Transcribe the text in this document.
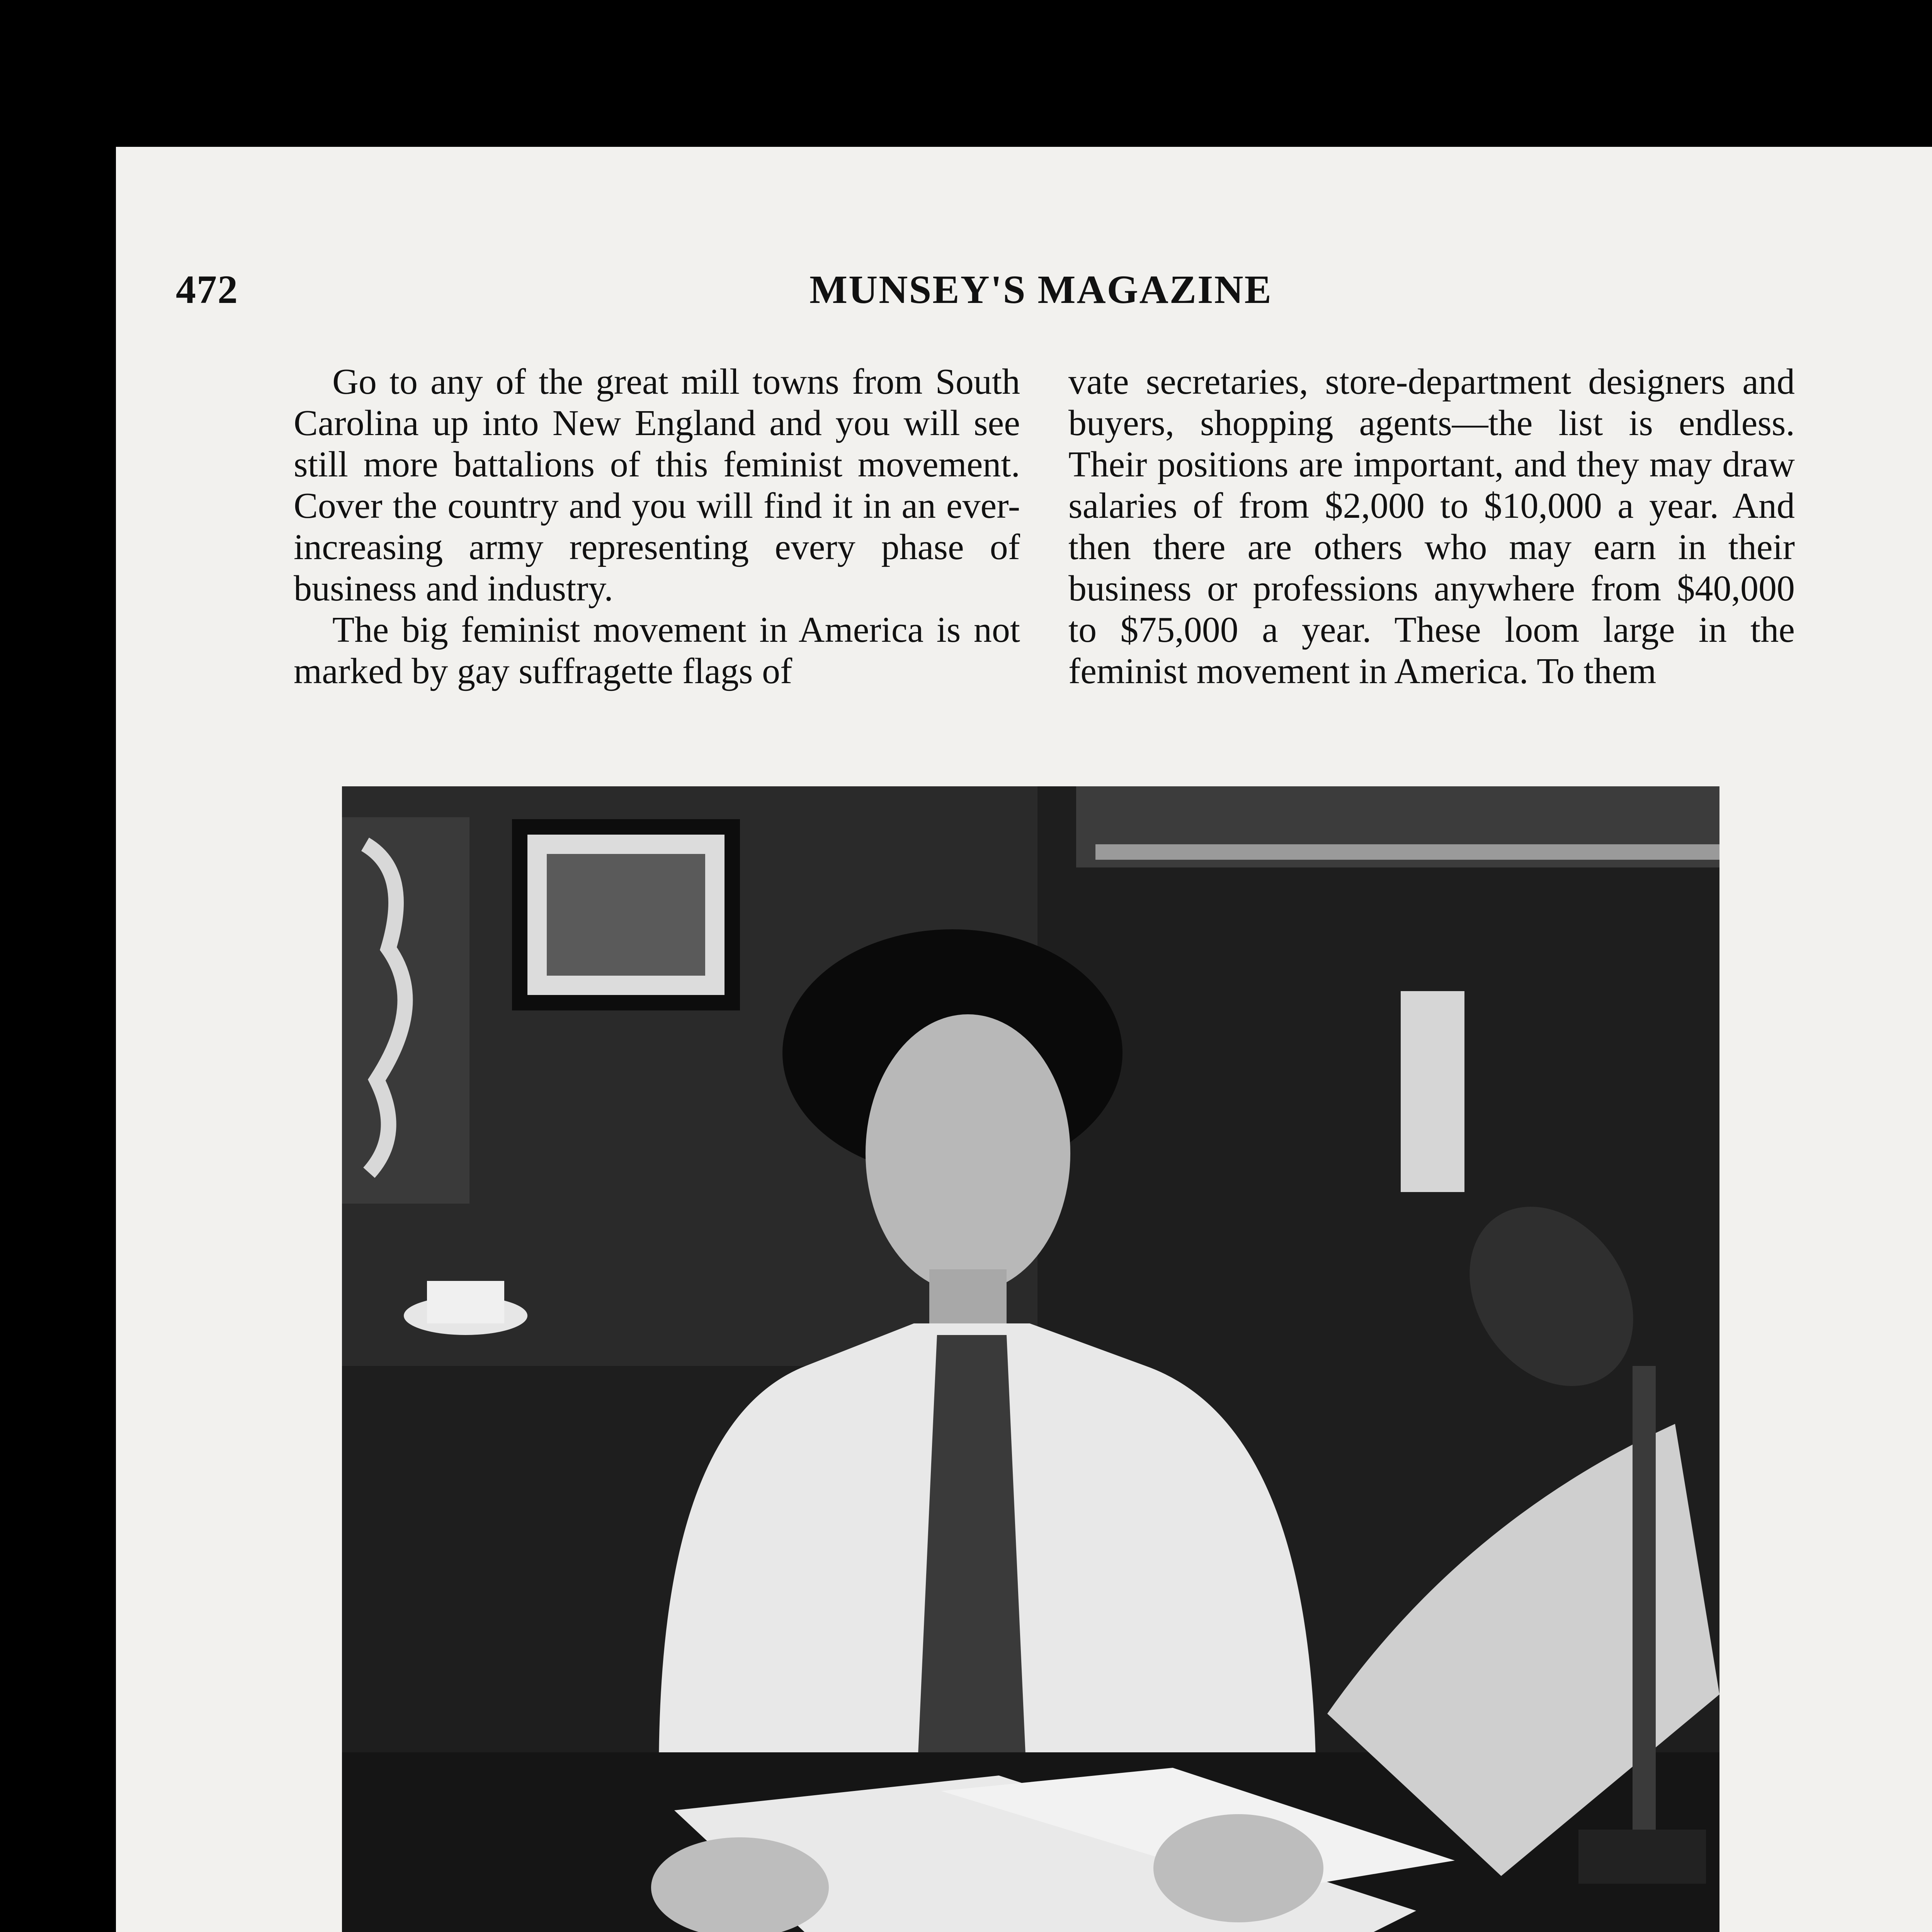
472	MUNSEY'S MAGAZINE

Go to any of the great mill towns from South Carolina up into New England and you will see still more battalions of this feminist movement. Cover the country and you will find it in an ever-increasing army representing every phase of business and industry.

The big feminist movement in America is not marked by gay suffragette flags of

vate secretaries, store-department designers and buyers, shopping agents—the list is endless. Their positions are important, and they may draw salaries of from $2,000 to $10,000 a year. And then there are others who may earn in their business or professions anywhere from $40,000 to $75,000 a year. These loom large in the feminist movement in America. To them
